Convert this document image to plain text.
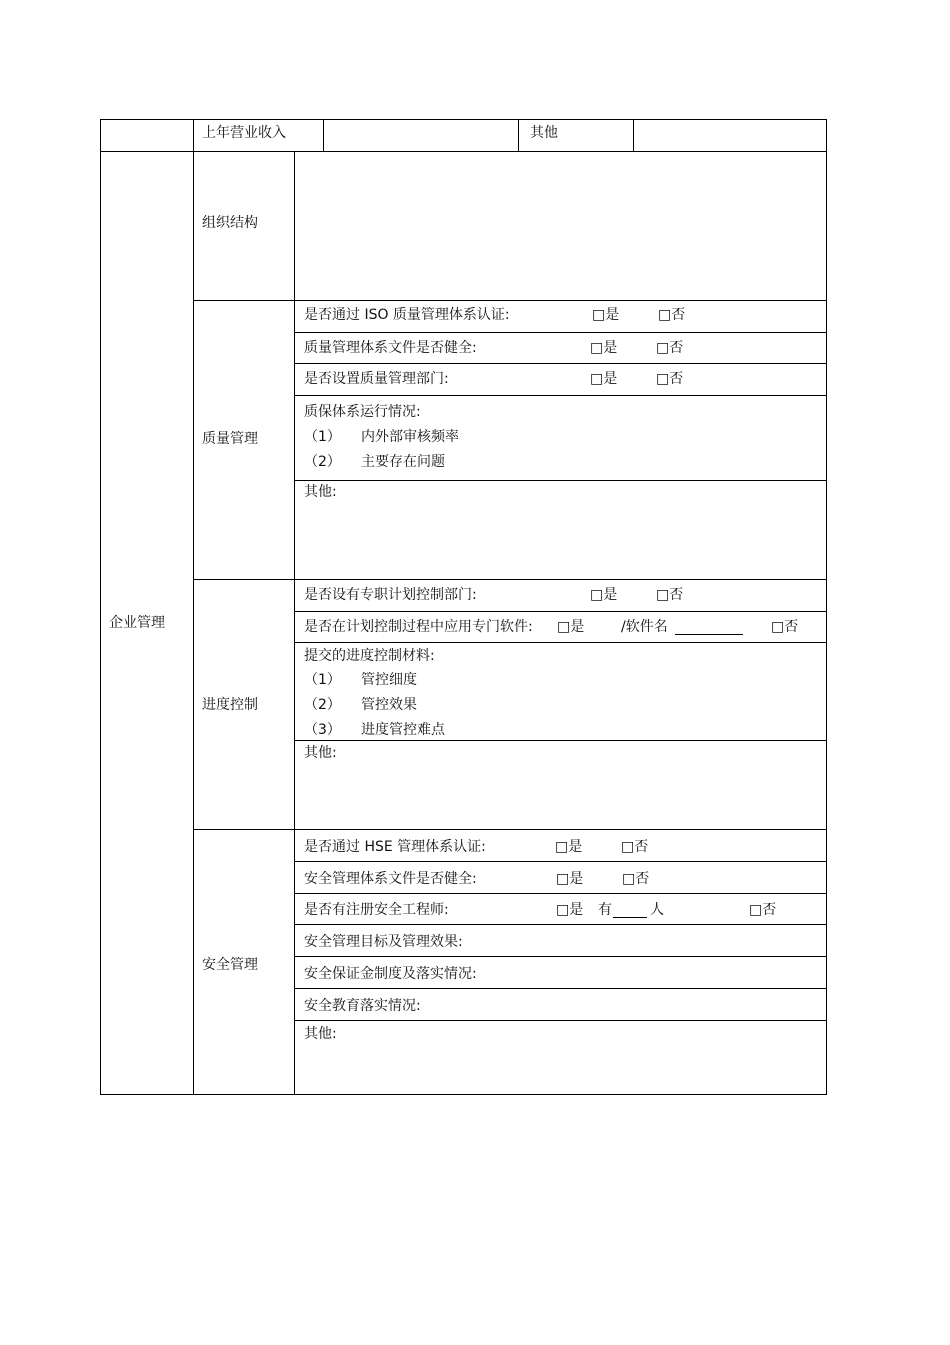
上年营业收入	其他
企业管理
组织结构
质量管理
是否通过 ISO 质量管理体系认证:	□是	□否
质量管理体系文件是否健全:	□是	□否
是否设置质量管理部门:	□是	□否
质保体系运行情况:
（1） 内外部审核频率
（2） 主要存在问题
其他:
进度控制
是否设有专职计划控制部门:	□是	□否
是否在计划控制过程中应用专门软件: □是	/软件名	□否
提交的进度控制材料:
（1） 管控细度
（2） 管控效果
（3） 进度管控难点
其他:
安全管理
是否通过 HSE 管理体系认证:	□是	□否
安全管理体系文件是否健全:	□是	□否
是否有注册安全工程师:	□是 有	人	□否
安全管理目标及管理效果:
安全保证金制度及落实情况:
安全教育落实情况:
其他:
